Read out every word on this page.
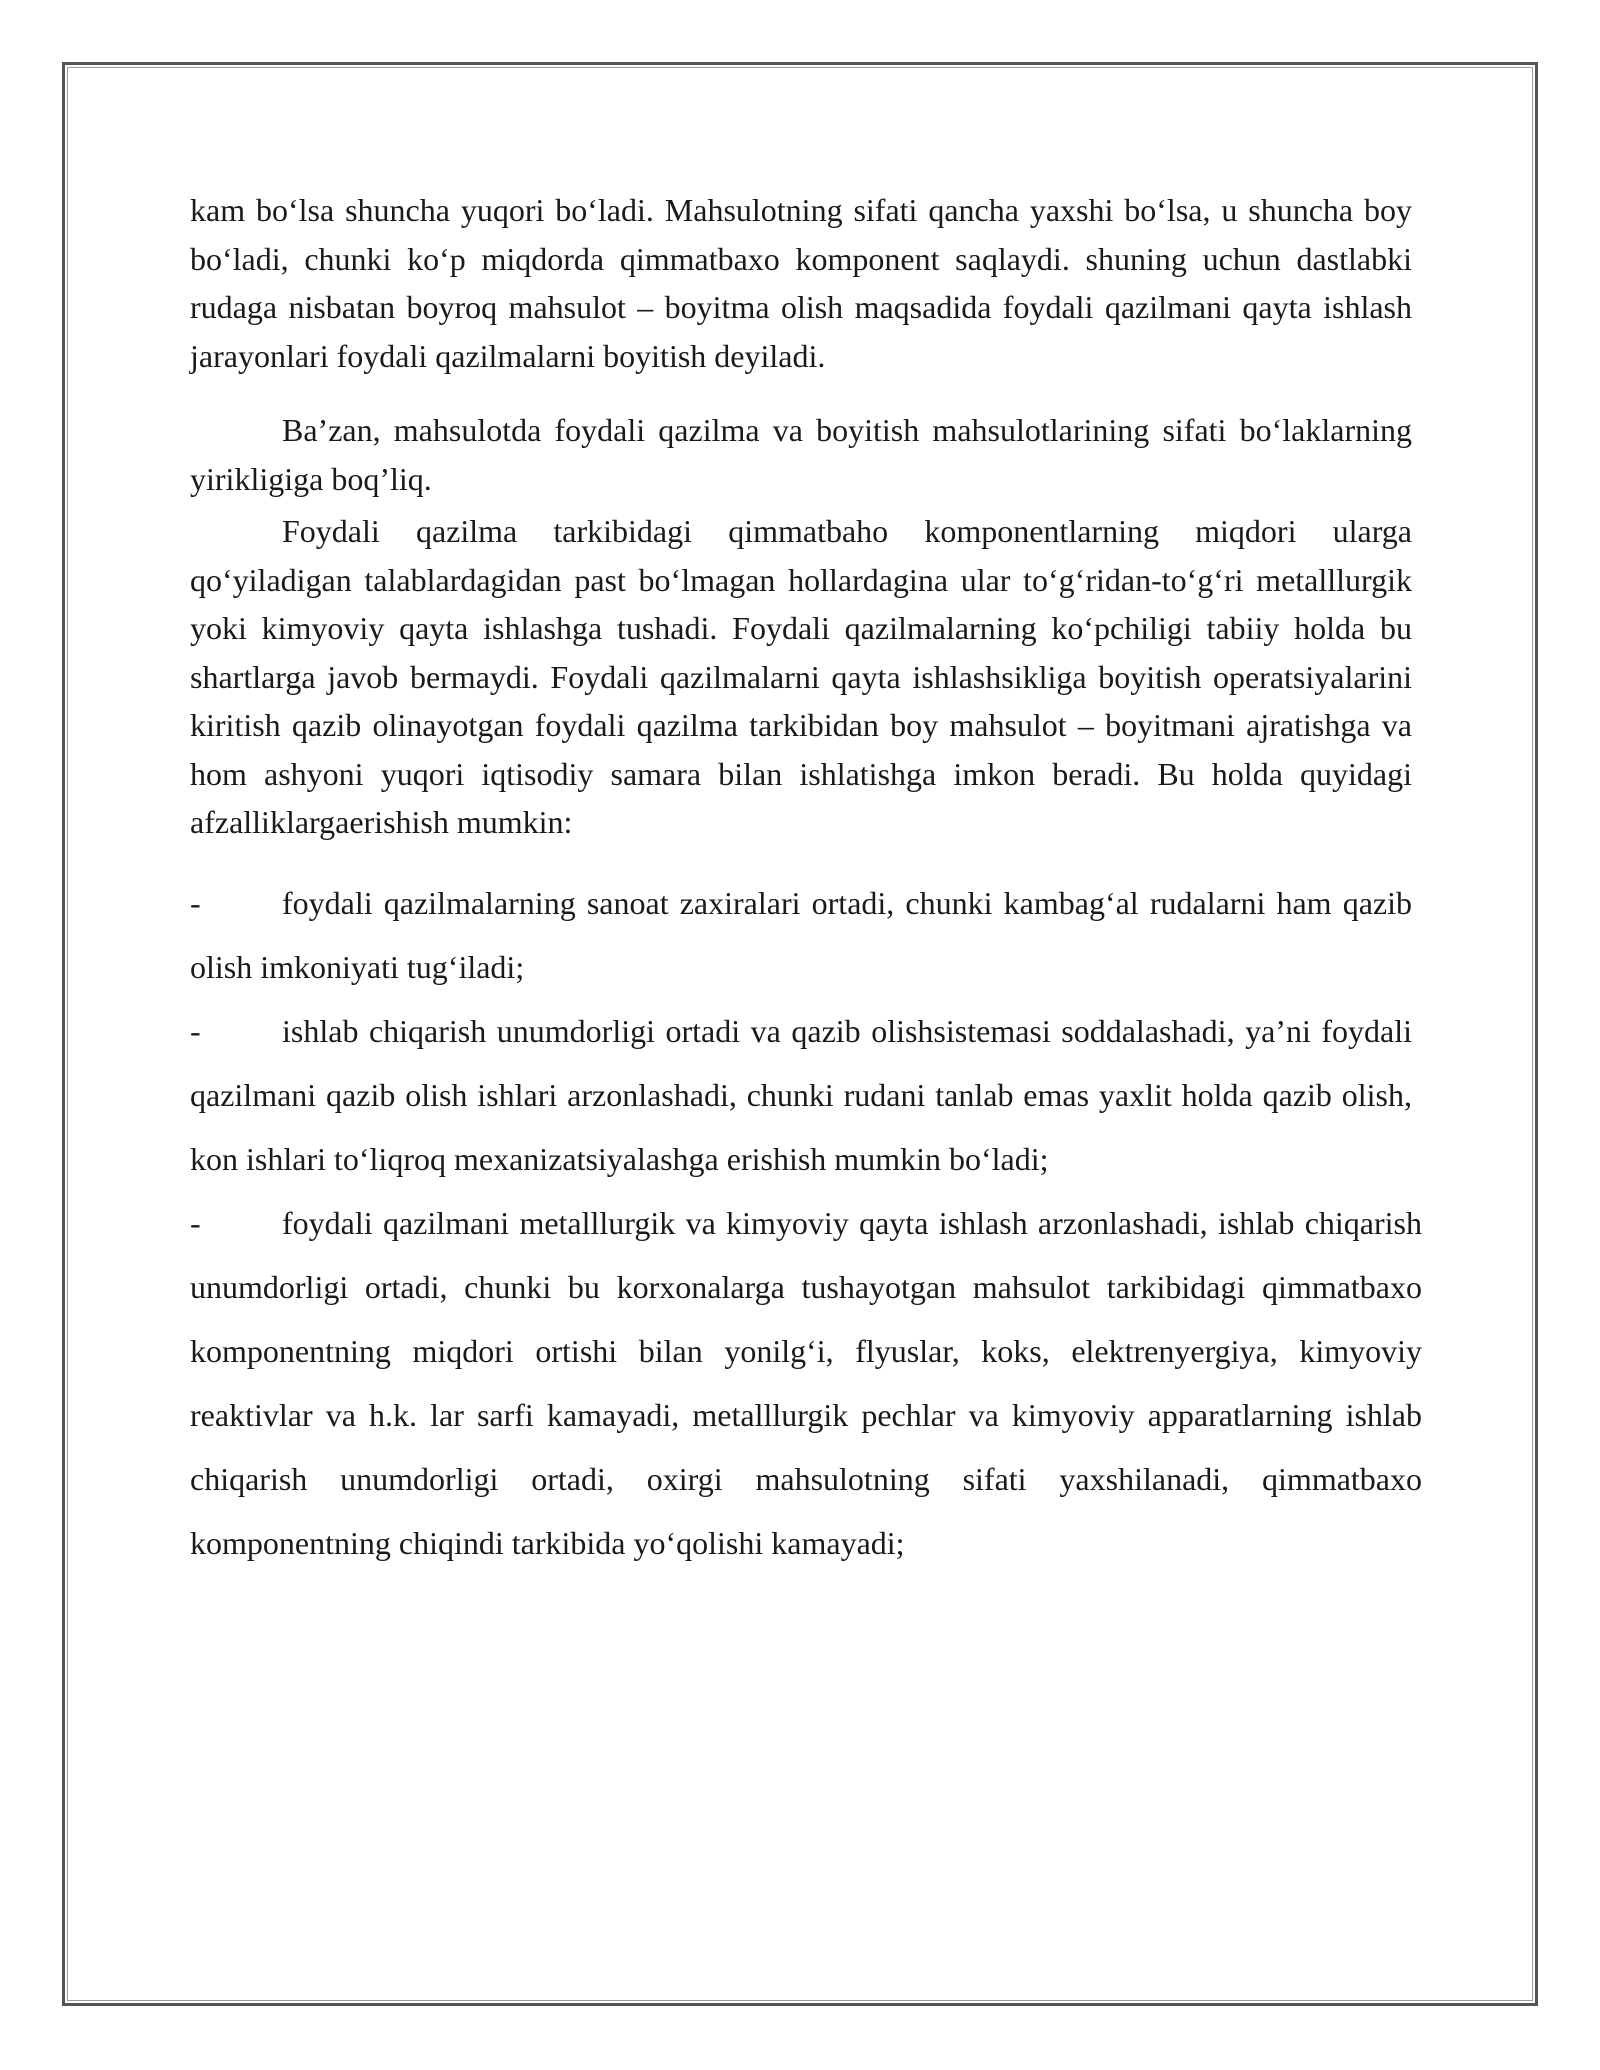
kam bo‘lsa shuncha yuqori bo‘ladi. Mahsulotning sifati qancha yaxshi bo‘lsa, u shuncha boy bo‘ladi, chunki ko‘p miqdorda qimmatbaxo komponent saqlaydi. shuning uchun dastlabki rudaga nisbatan boyroq mahsulot – boyitma olish maqsadida foydali qazilmani qayta ishlash jarayonlari foydali qazilmalarni boyitish deyiladi.

Ba’zan, mahsulotda foydali qazilma va boyitish mahsulotlarining sifati bo‘laklarning yirikligiga boq’liq.

Foydali qazilma tarkibidagi qimmatbaho komponentlarning miqdori ularga qo‘yiladigan talablardagidan past bo‘lmagan hollardagina ular to‘g‘ridan-to‘g‘ri metalllurgik yoki kimyoviy qayta ishlashga tushadi. Foydali qazilmalarning ko‘pchiligi tabiiy holda bu shartlarga javob bermaydi. Foydali qazilmalarni qayta ishlashsikliga boyitish operatsiyalarini kiritish qazib olinayotgan foydali qazilma tarkibidan boy mahsulot – boyitmani ajratishga va hom ashyoni yuqori iqtisodiy samara bilan ishlatishga imkon beradi. Bu holda quyidagi afzalliklargaerishish mumkin:

-	foydali qazilmalarning sanoat zaxiralari ortadi, chunki kambag‘al rudalarni ham qazib olish imkoniyati tug‘iladi;

-	ishlab chiqarish unumdorligi ortadi va qazib olishsistemasi soddalashadi, ya’ni foydali qazilmani qazib olish ishlari arzonlashadi, chunki rudani tanlab emas yaxlit holda qazib olish, kon ishlari to‘liqroq mexanizatsiyalashga erishish mumkin bo‘ladi;

-	foydali qazilmani metalllurgik va kimyoviy qayta ishlash arzonlashadi, ishlab chiqarish unumdorligi ortadi, chunki bu korxonalarga tushayotgan mahsulot tarkibidagi qimmatbaxo komponentning miqdori ortishi bilan yonilg‘i, flyuslar, koks, elektrenyergiya, kimyoviy reaktivlar va h.k. lar sarfi kamayadi, metalllurgik pechlar va kimyoviy apparatlarning ishlab chiqarish unumdorligi ortadi, oxirgi mahsulotning sifati yaxshilanadi, qimmatbaxo komponentning chiqindi tarkibida yo‘qolishi kamayadi;
